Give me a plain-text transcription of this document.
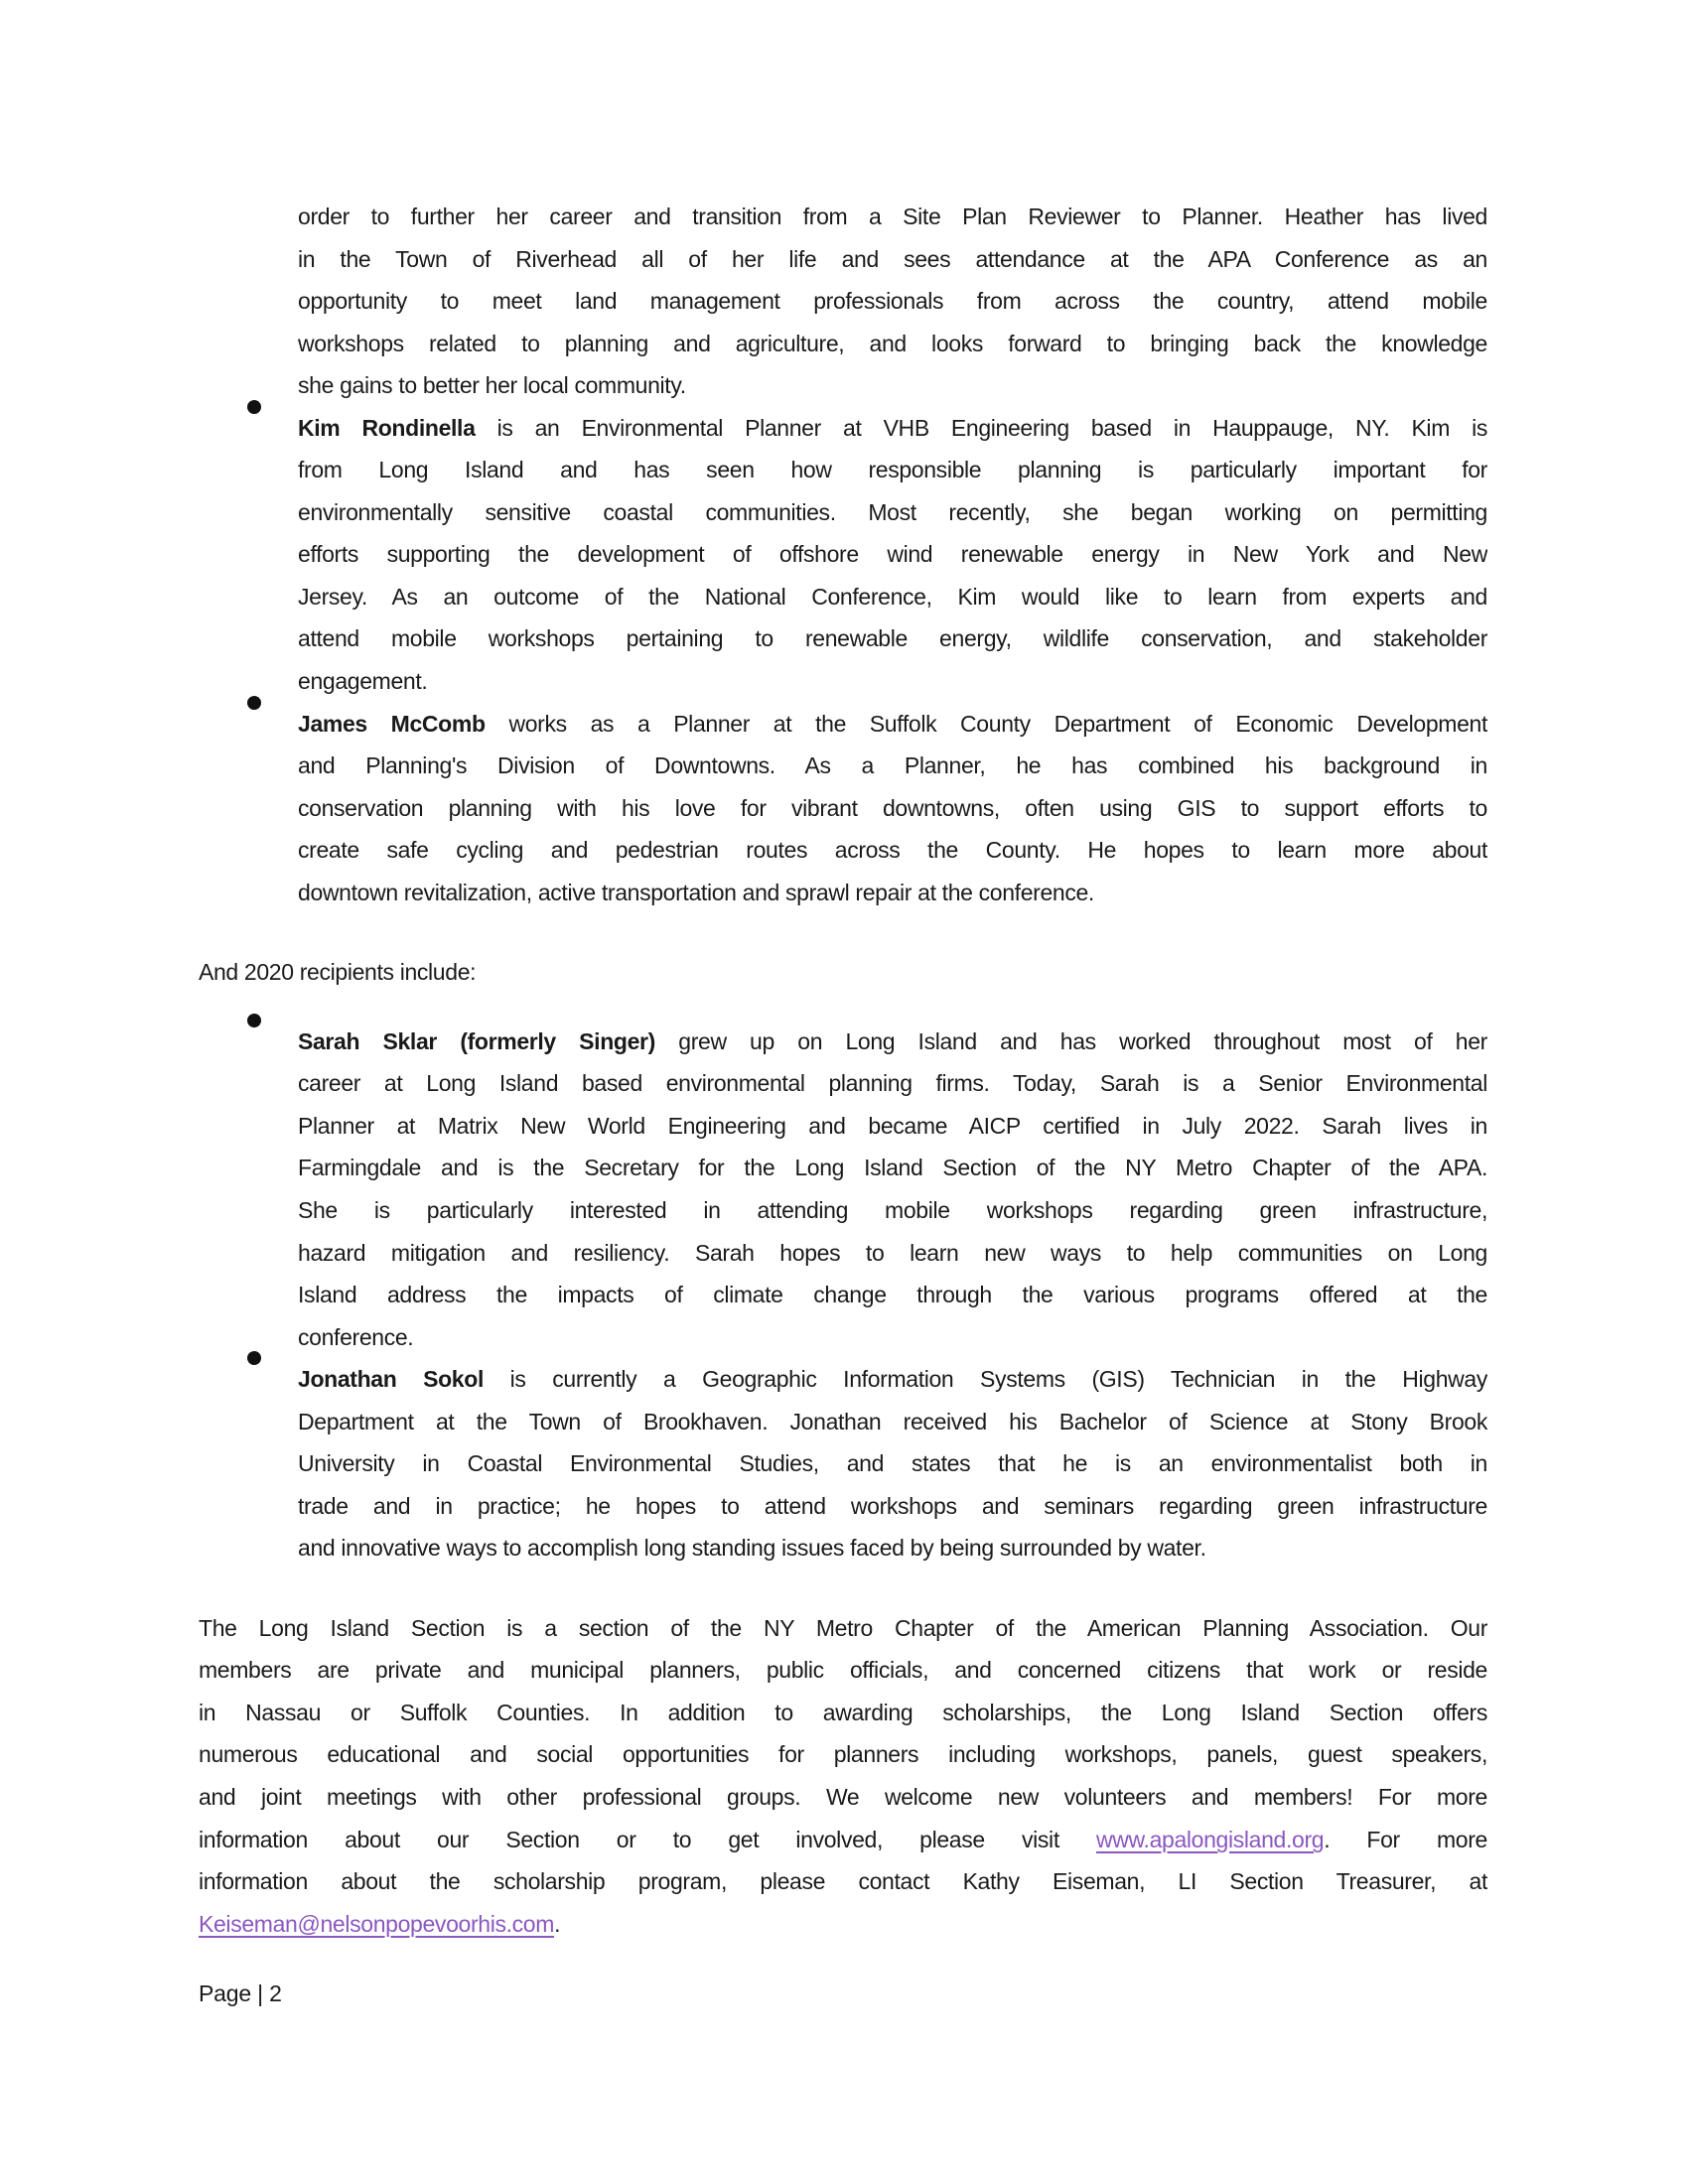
order to further her career and transition from a Site Plan Reviewer to Planner. Heather has lived
in the Town of Riverhead all of her life and sees attendance at the APA Conference as an
opportunity to meet land management professionals from across the country, attend mobile
workshops related to planning and agriculture, and looks forward to bringing back the knowledge
she gains to better her local community.
Kim Rondinella is an Environmental Planner at VHB Engineering based in Hauppauge, NY. Kim is
from Long Island and has seen how responsible planning is particularly important for
environmentally sensitive coastal communities. Most recently, she began working on permitting
efforts supporting the development of offshore wind renewable energy in New York and New
Jersey. As an outcome of the National Conference, Kim would like to learn from experts and
attend mobile workshops pertaining to renewable energy, wildlife conservation, and stakeholder
engagement.
James McComb works as a Planner at the Suffolk County Department of Economic Development
and Planning's Division of Downtowns. As a Planner, he has combined his background in
conservation planning with his love for vibrant downtowns, often using GIS to support efforts to
create safe cycling and pedestrian routes across the County. He hopes to learn more about
downtown revitalization, active transportation and sprawl repair at the conference.
And 2020 recipients include:
Sarah Sklar (formerly Singer) grew up on Long Island and has worked throughout most of her
career at Long Island based environmental planning firms. Today, Sarah is a Senior Environmental
Planner at Matrix New World Engineering and became AICP certified in July 2022. Sarah lives in
Farmingdale and is the Secretary for the Long Island Section of the NY Metro Chapter of the APA.
She is particularly interested in attending mobile workshops regarding green infrastructure,
hazard mitigation and resiliency. Sarah hopes to learn new ways to help communities on Long
Island address the impacts of climate change through the various programs offered at the
conference.
Jonathan Sokol is currently a Geographic Information Systems (GIS) Technician in the Highway
Department at the Town of Brookhaven. Jonathan received his Bachelor of Science at Stony Brook
University in Coastal Environmental Studies, and states that he is an environmentalist both in
trade and in practice; he hopes to attend workshops and seminars regarding green infrastructure
and innovative ways to accomplish long standing issues faced by being surrounded by water.
The Long Island Section is a section of the NY Metro Chapter of the American Planning Association. Our
members are private and municipal planners, public officials, and concerned citizens that work or reside
in Nassau or Suffolk Counties. In addition to awarding scholarships, the Long Island Section offers
numerous educational and social opportunities for planners including workshops, panels, guest speakers,
and joint meetings with other professional groups. We welcome new volunteers and members! For more
information about our Section or to get involved, please visit www.apalongisland.org. For more
information about the scholarship program, please contact Kathy Eiseman, LI Section Treasurer, at
Keiseman@nelsonpopevoorhis.com.
Page | 2
